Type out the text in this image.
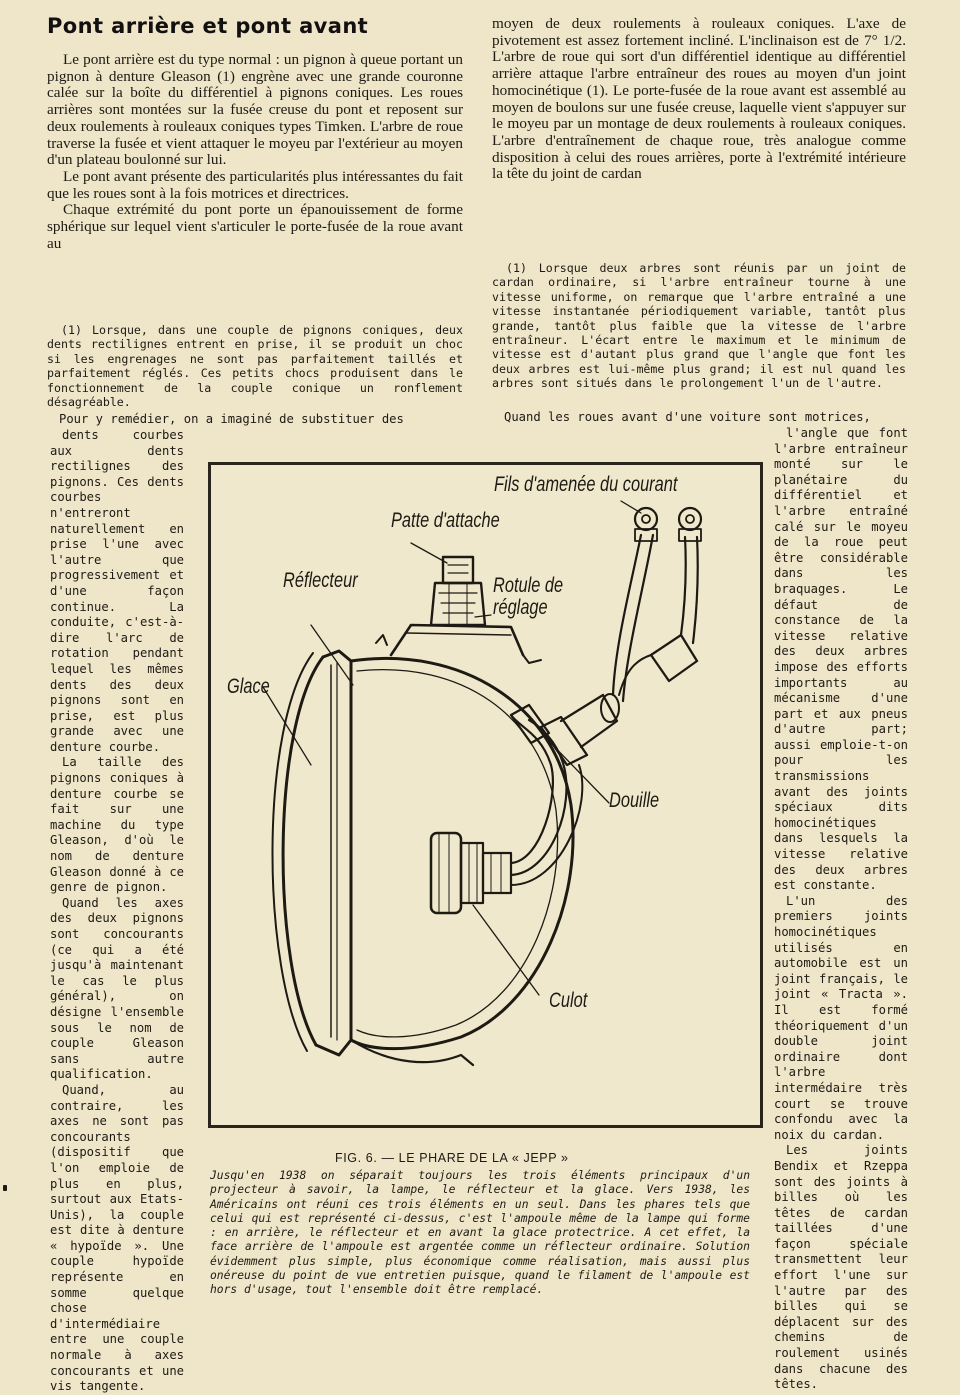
Pont arrière et pont avant

Le pont arrière est du type normal : un pignon à queue portant un pignon à denture Gleason (1) engrène avec une grande couronne calée sur la boîte du différentiel à pignons coniques. Les roues arrières sont montées sur la fusée creuse du pont et reposent sur deux roulements à rouleaux coniques types Timken. L'arbre de roue traverse la fusée et vient attaquer le moyeu par l'extérieur au moyen d'un plateau boulonné sur lui.

Le pont avant présente des particularités plus intéressantes du fait que les roues sont à la fois motrices et directrices.

Chaque extrémité du pont porte un épanouissement de forme sphérique sur lequel vient s'articuler le porte-fusée de la roue avant au

moyen de deux roulements à rouleaux coniques. L'axe de pivotement est assez fortement incliné. L'inclinaison est de 7° 1/2. L'arbre de roue qui sort d'un différentiel identique au différentiel arrière attaque l'arbre entraîneur des roues au moyen d'un joint homocinétique (1). Le porte-fusée de la roue avant est assemblé au moyen de boulons sur une fusée creuse, laquelle vient s'appuyer sur le moyeu par un montage de deux roulements à rouleaux coniques. L'arbre d'entraînement de chaque roue, très analogue comme disposition à celui des roues arrières, porte à l'extrémité intérieure la tête du joint de cardan

(1) Lorsque, dans une couple de pignons coniques, deux dents rectilignes entrent en prise, il se produit un choc si les engrenages ne sont pas parfaitement taillés et parfaitement réglés. Ces petits chocs produisent dans le fonctionnement de la couple conique un ronflement désagréable.

(1) Lorsque deux arbres sont réunis par un joint de cardan ordinaire, si l'arbre entraîneur tourne à une vitesse uniforme, on remarque que l'arbre entraîné a une vitesse instantanée périodiquement variable, tantôt plus grande, tantôt plus faible que la vitesse de l'arbre entraîneur. L'écart entre le maximum et le minimum de vitesse est d'autant plus grand que l'angle que font les deux arbres est lui-même plus grand; il est nul quand les arbres sont situés dans le prolongement l'un de l'autre.

Pour y remédier, on a imaginé de substituer des	Quand les roues avant d'une voiture sont motrices,

dents courbes aux dents rectilignes des pignons. Ces dents courbes n'entreront naturellement en prise l'une avec l'autre que progressivement et d'une façon continue. La conduite, c'est-à-dire l'arc de rotation pendant lequel les mêmes dents des deux pignons sont en prise, est plus grande avec une denture courbe.

La taille des pignons coniques à denture courbe se fait sur une machine du type Gleason, d'où le nom de denture Gleason donné à ce genre de pignon.

Quand les axes des deux pignons sont concourants (ce qui a été jusqu'à maintenant le cas le plus général), on désigne l'ensemble sous le nom de couple Gleason sans autre qualification.

Quand, au contraire, les axes ne sont pas concourants (dispositif que l'on emploie de plus en plus, surtout aux Etats-Unis), la couple est dite à denture « hypoïde ». Une couple hypoïde représente en somme quelque chose d'intermédiaire entre une couple normale à axes concourants et une vis tangente.

l'angle que font l'arbre entraîneur monté sur le planétaire du différentiel et l'arbre entraîné calé sur le moyeu de la roue peut être considérable dans les braquages. Le défaut de constance de la vitesse relative des deux arbres impose des efforts importants au mécanisme d'une part et aux pneus d'autre part; aussi emploie-t-on pour les transmissions avant des joints spéciaux dits homocinétiques dans lesquels la vitesse relative des deux arbres est constante.

L'un des premiers joints homocinétiques utilisés en automobile est un joint français, le joint « Tracta ». Il est formé théoriquement d'un double joint ordinaire dont l'arbre intermédaire très court se trouve confondu avec la noix du cardan.

Les joints Bendix et Rzeppa sont des joints à billes où les têtes de cardan taillées d'une façon spéciale transmettent leur effort l'une sur l'autre par des billes qui se déplacent sur des chemins de roulement usinés dans chacune des têtes.

Fils d'amenée du courant
Patte d'attache
Réflecteur	Rotule de réglage
Glace
Douille
Culot
FIG. 6. — LE PHARE DE LA « JEPP »
Jusqu'en 1938 on séparait toujours les trois éléments principaux d'un projecteur à savoir, la lampe, le réflecteur et la glace. Vers 1938, les Américains ont réuni ces trois éléments en un seul. Dans les phares tels que celui qui est représenté ci-dessus, c'est l'ampoule même de la lampe qui forme : en arrière, le réflecteur et en avant la glace protectrice. A cet effet, la face arrière de l'ampoule est argentée comme un réflecteur ordinaire. Solution évidemment plus simple, plus économique comme réalisation, mais aussi plus onéreuse du point de vue entretien puisque, quand le filament de l'ampoule est hors d'usage, tout l'ensemble doit être remplacé.
